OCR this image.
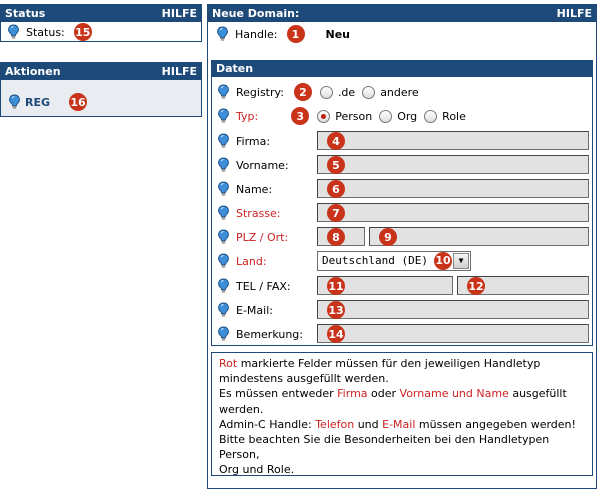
Status	HILFE
Status: 15
Aktionen	HILFE
REG 16
Neue Domain:	HILFE
Handle:	1	Neu
Daten
Registry:	2	.de andere
Typ:	3	Person Org Role
Firma:	4
Vorname:	5
Name:	6
Strasse:	7
PLZ / Ort:	8	9
Land:	Deutschland (DE) 10 ▼
TEL / FAX:	11	12
E-Mail:	13
Bemerkung: 14
Rot markierte Felder müssen für den jeweiligen Handletyp
mindestens ausgefüllt werden.
Es müssen entweder Firma oder Vorname und Name ausgefüllt
werden.
Admin-C Handle: Telefon und E-Mail müssen angegeben werden!
Bitte beachten Sie die Besonderheiten bei den Handletypen Person,
Org und Role.
